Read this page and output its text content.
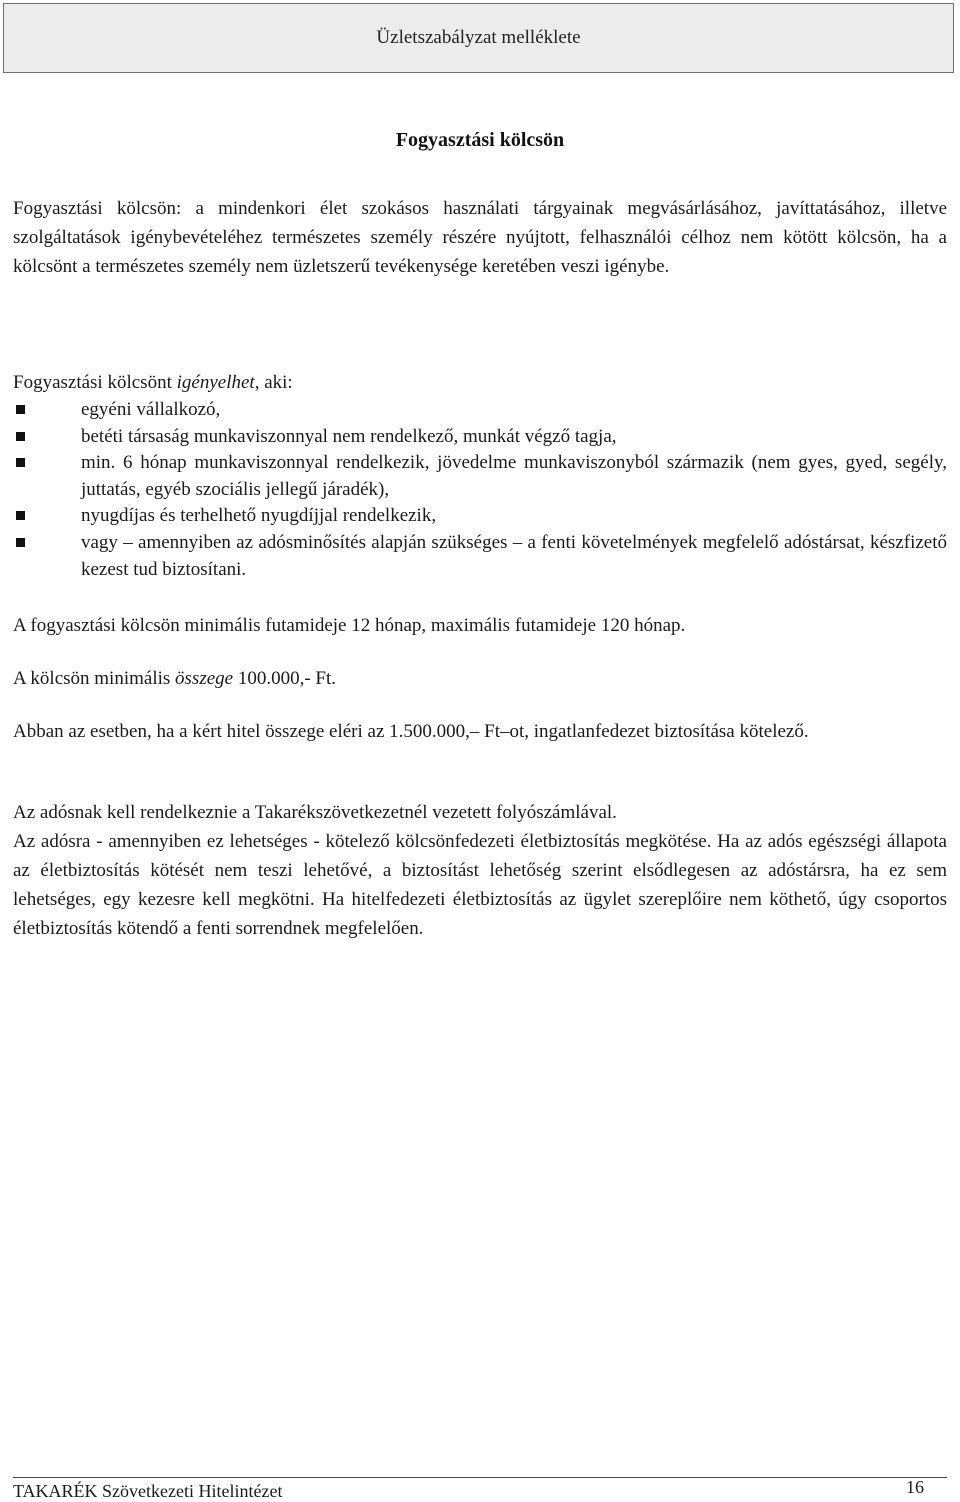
Üzletszabályzat melléklete
Fogyasztási kölcsön

Fogyasztási kölcsön: a mindenkori élet szokásos használati tárgyainak megvásárlásához, javíttatásához, illetve szolgáltatások igénybevételéhez természetes személy részére nyújtott, felhasználói célhoz nem kötött kölcsön, ha a kölcsönt a természetes személy nem üzletszerű tevékenysége keretében veszi igénybe.

Fogyasztási kölcsönt igényelhet, aki:

egyéni vállalkozó,
betéti társaság munkaviszonnyal nem rendelkező, munkát végző tagja,
min. 6 hónap munkaviszonnyal rendelkezik, jövedelme munkaviszonyból származik (nem gyes, gyed, segély, juttatás, egyéb szociális jellegű járadék),
nyugdíjas és terhelhető nyugdíjjal rendelkezik,
vagy – amennyiben az adósminősítés alapján szükséges – a fenti követelmények megfelelő adóstársat, készfizető kezest tud biztosítani.

A fogyasztási kölcsön minimális futamideje 12 hónap, maximális futamideje 120 hónap.

A kölcsön minimális összege 100.000,- Ft.

Abban az esetben, ha a kért hitel összege eléri az 1.500.000,– Ft–ot, ingatlanfedezet biztosítása kötelező.

Az adósnak kell rendelkeznie a Takarékszövetkezetnél vezetett folyószámlával.

Az adósra - amennyiben ez lehetséges - kötelező kölcsönfedezeti életbiztosítás megkötése. Ha az adós egészségi állapota az életbiztosítás kötését nem teszi lehetővé, a biztosítást lehetőség szerint elsődlegesen az adóstársra, ha ez sem lehetséges, egy kezesre kell megkötni. Ha hitelfedezeti életbiztosítás az ügylet szereplőire nem köthető, úgy csoportos életbiztosítás kötendő a fenti sorrendnek megfelelően.

TAKARÉK Szövetkezeti Hitelintézet	16
